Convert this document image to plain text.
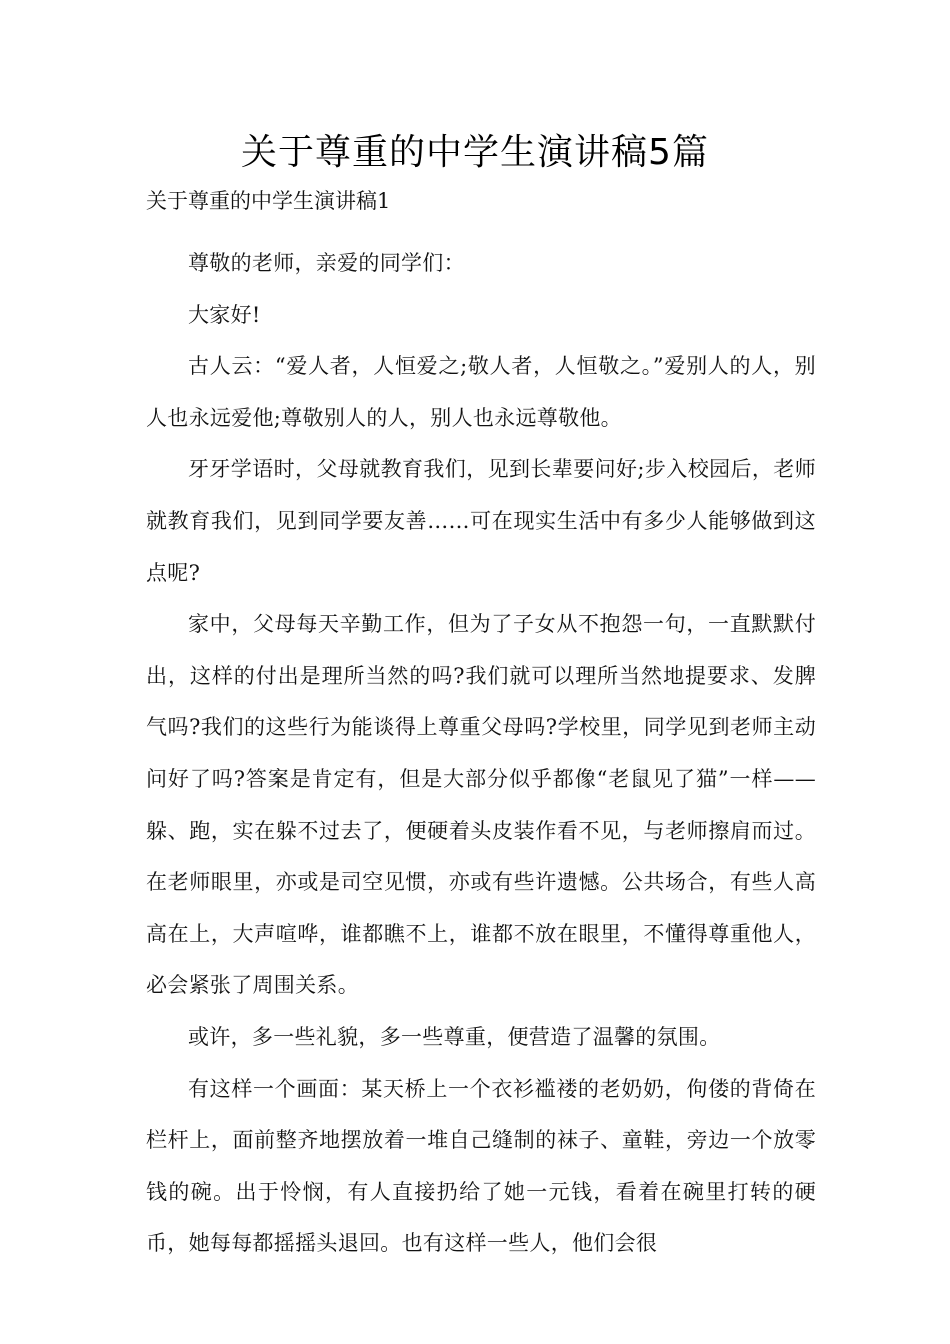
关于尊重的中学生演讲稿5篇

关于尊重的中学生演讲稿1

尊敬的老师，亲爱的同学们：

大家好!

古人云：“爱人者，人恒爱之;敬人者，人恒敬之。”爱别人的人，别人也永远爱他;尊敬别人的人，别人也永远尊敬他。

牙牙学语时，父母就教育我们，见到长辈要问好;步入校园后，老师就教育我们，见到同学要友善……可在现实生活中有多少人能够做到这点呢?

家中，父母每天辛勤工作，但为了子女从不抱怨一句，一直默默付出，这样的付出是理所当然的吗?我们就可以理所当然地提要求、发脾气吗?我们的这些行为能谈得上尊重父母吗?学校里，同学见到老师主动问好了吗?答案是肯定有，但是大部分似乎都像“老鼠见了猫”一样——躲、跑，实在躲不过去了，便硬着头皮装作看不见，与老师擦肩而过。在老师眼里，亦或是司空见惯，亦或有些许遗憾。公共场合，有些人高高在上，大声喧哗，谁都瞧不上，谁都不放在眼里，不懂得尊重他人，必会紧张了周围关系。

或许，多一些礼貌，多一些尊重，便营造了温馨的氛围。

有这样一个画面：某天桥上一个衣衫褴褛的老奶奶，佝偻的背倚在栏杆上，面前整齐地摆放着一堆自己缝制的袜子、童鞋，旁边一个放零钱的碗。出于怜悯，有人直接扔给了她一元钱，看着在碗里打转的硬币，她每每都摇摇头退回。也有这样一些人，他们会很
